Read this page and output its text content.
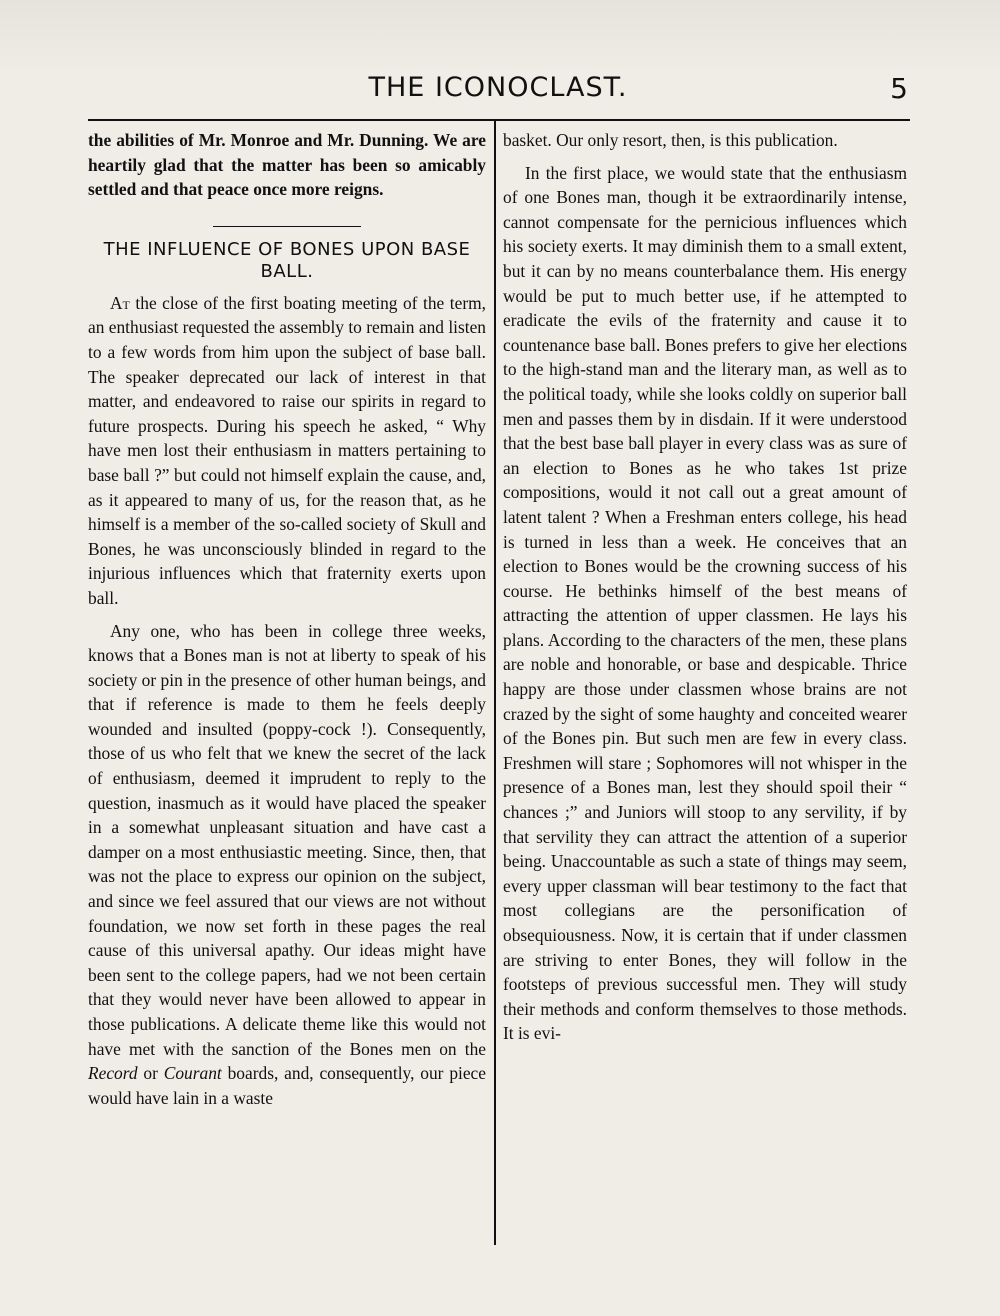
THE ICONOCLAST.	5

the abilities of Mr. Monroe and Mr. Dunning. We are heartily glad that the matter has been so amicably settled and that peace once more reigns.

THE INFLUENCE OF BONES UPON BASE BALL.

At the close of the first boating meeting of the term, an enthusiast requested the assembly to remain and listen to a few words from him upon the subject of base ball. The speaker deprecated our lack of interest in that matter, and endeavored to raise our spirits in regard to future prospects. During his speech he asked, “ Why have men lost their enthusiasm in matters pertaining to base ball ?” but could not himself explain the cause, and, as it appeared to many of us, for the reason that, as he himself is a member of the so-called society of Skull and Bones, he was unconsciously blinded in regard to the injurious influences which that fraternity exerts upon ball.

Any one, who has been in college three weeks, knows that a Bones man is not at liberty to speak of his society or pin in the presence of other human beings, and that if reference is made to them he feels deeply wounded and insulted (poppy-cock !). Consequently, those of us who felt that we knew the secret of the lack of enthusiasm, deemed it imprudent to reply to the question, inasmuch as it would have placed the speaker in a somewhat unpleasant situation and have cast a damper on a most enthusiastic meeting. Since, then, that was not the place to express our opinion on the subject, and since we feel assured that our views are not without foundation, we now set forth in these pages the real cause of this universal apathy. Our ideas might have been sent to the college papers, had we not been certain that they would never have been allowed to appear in those publications. A delicate theme like this would not have met with the sanction of the Bones men on the Record or Courant boards, and, consequently, our piece would have lain in a waste

basket. Our only resort, then, is this publication.

In the first place, we would state that the enthusiasm of one Bones man, though it be extraordinarily intense, cannot compensate for the pernicious influences which his society exerts. It may diminish them to a small extent, but it can by no means counterbalance them. His energy would be put to much better use, if he attempted to eradicate the evils of the fraternity and cause it to countenance base ball. Bones prefers to give her elections to the high-stand man and the literary man, as well as to the political toady, while she looks coldly on superior ball men and passes them by in disdain. If it were understood that the best base ball player in every class was as sure of an election to Bones as he who takes 1st prize compositions, would it not call out a great amount of latent talent ? When a Freshman enters college, his head is turned in less than a week. He conceives that an election to Bones would be the crowning success of his course. He bethinks himself of the best means of attracting the attention of upper classmen. He lays his plans. According to the characters of the men, these plans are noble and honorable, or base and despicable. Thrice happy are those under classmen whose brains are not crazed by the sight of some haughty and conceited wearer of the Bones pin. But such men are few in every class. Freshmen will stare ; Sophomores will not whisper in the presence of a Bones man, lest they should spoil their “ chances ;” and Juniors will stoop to any servility, if by that servility they can attract the attention of a superior being. Unaccountable as such a state of things may seem, every upper classman will bear testimony to the fact that most collegians are the personification of obsequiousness. Now, it is certain that if under classmen are striving to enter Bones, they will follow in the footsteps of previous successful men. They will study their methods and conform themselves to those methods. It is evi-
